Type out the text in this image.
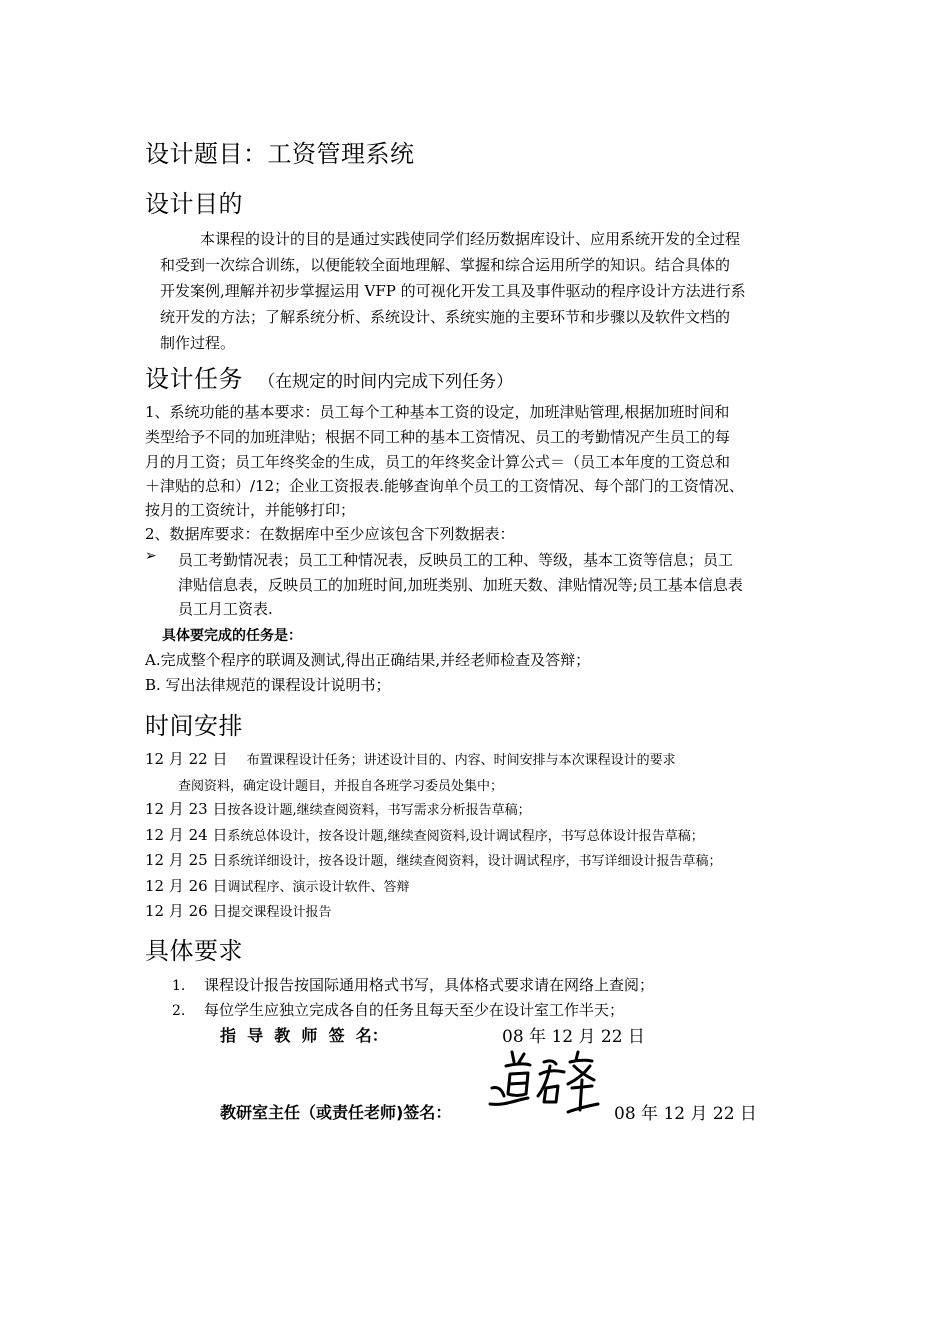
设计题目：工资管理系统
设计目的
本课程的设计的目的是通过实践使同学们经历数据库设计、应用系统开发的全过程
和受到一次综合训练，以便能较全面地理解、掌握和综合运用所学的知识。结合具体的
开发案例,理解并初步掌握运用 VFP 的可视化开发工具及事件驱动的程序设计方法进行系
统开发的方法；了解系统分析、系统设计、系统实施的主要环节和步骤以及软件文档的
制作过程。
设计任务 （在规定的时间内完成下列任务）
1、系统功能的基本要求：员工每个工种基本工资的设定，加班津贴管理,根据加班时间和
类型给予不同的加班津贴；根据不同工种的基本工资情况、员工的考勤情况产生员工的每
月的月工资；员工年终奖金的生成，员工的年终奖金计算公式＝（员工本年度的工资总和
＋津贴的总和）/12；企业工资报表.能够查询单个员工的工资情况、每个部门的工资情况、
按月的工资统计，并能够打印；
2、数据库要求：在数据库中至少应该包含下列数据表：
➢ 员工考勤情况表；员工工种情况表，反映员工的工种、等级，基本工资等信息；员工
津贴信息表，反映员工的加班时间,加班类别、加班天数、津贴情况等;员工基本信息表
员工月工资表.
具体要完成的任务是：
A.完成整个程序的联调及测试,得出正确结果,并经老师检查及答辩；
B. 写出法律规范的课程设计说明书；
时间安排
12 月 22 日 布置课程设计任务；讲述设计目的、内容、时间安排与本次课程设计的要求
查阅资料，确定设计题目，并报自各班学习委员处集中；
12 月 23 日按各设计题,继续查阅资料，书写需求分析报告草稿；
12 月 24 日系统总体设计，按各设计题,继续查阅资料,设计调试程序，书写总体设计报告草稿；
12 月 25 日系统详细设计，按各设计题，继续查阅资料，设计调试程序，书写详细设计报告草稿；
12 月 26 日调试程序、演示设计软件、答辩
12 月 26 日提交课程设计报告
具体要求
1. 课程设计报告按国际通用格式书写，具体格式要求请在网络上查阅；
2. 每位学生应独立完成各自的任务且每天至少在设计室工作半天；
指  导  教  师  签  名：	08 年 12 月 22 日
教研室主任（或责任老师)签名：	08 年 12 月 22 日
